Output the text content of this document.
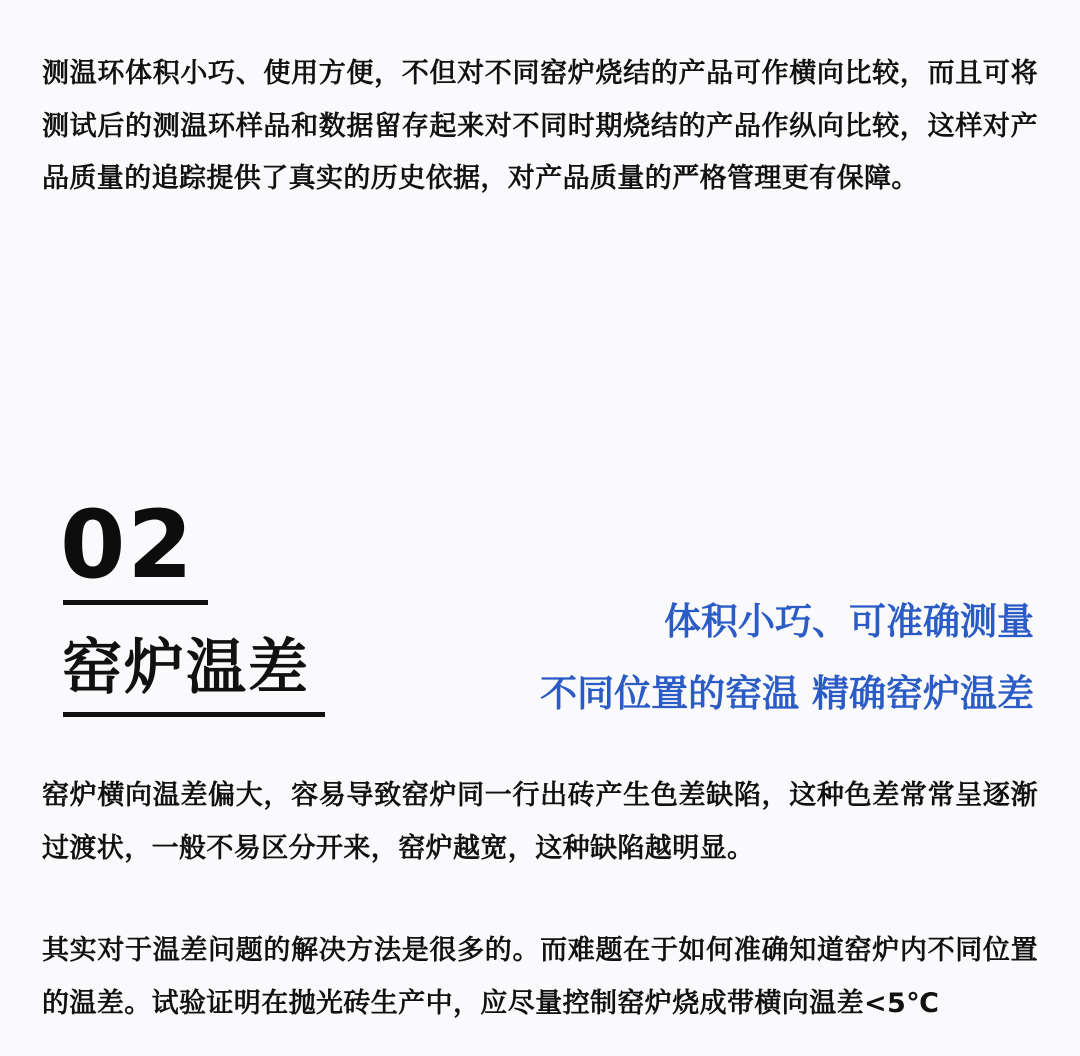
测温环体积小巧、使用方便，不但对不同窑炉烧结的产品可作横向比较，而且可将测试后的测温环样品和数据留存起来对不同时期烧结的产品作纵向比较，这样对产品质量的追踪提供了真实的历史依据，对产品质量的严格管理更有保障。

02
窑炉温差
体积小巧、可准确测量
不同位置的窑温 精确窑炉温差

窑炉横向温差偏大，容易导致窑炉同一行出砖产生色差缺陷，这种色差常常呈逐渐过渡状，一般不易区分开来，窑炉越宽，这种缺陷越明显。

其实对于温差问题的解决方法是很多的。而难题在于如何准确知道窑炉内不同位置的温差。试验证明在抛光砖生产中，应尽量控制窑炉烧成带横向温差<5℃
